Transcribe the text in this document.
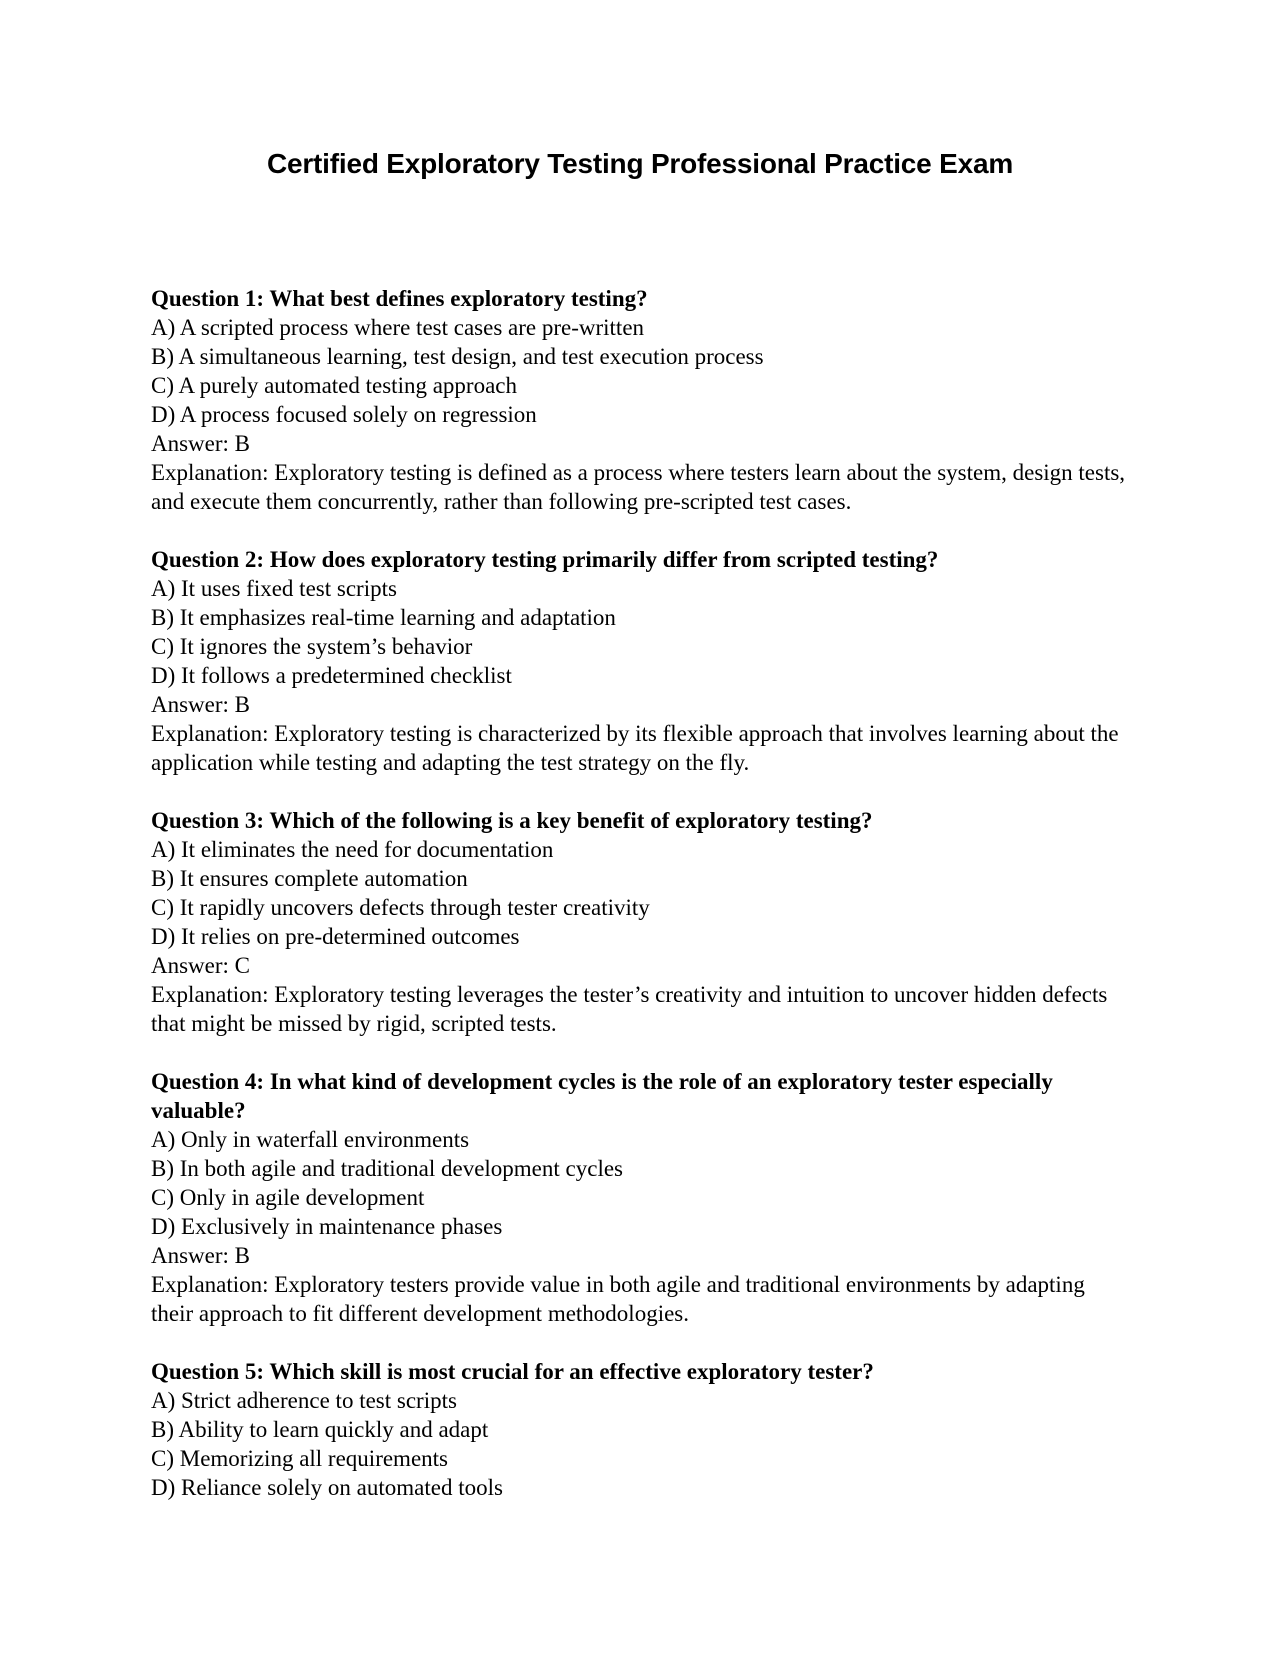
Certified Exploratory Testing Professional Practice Exam

Question 1: What best defines exploratory testing?

A) A scripted process where test cases are pre-written

B) A simultaneous learning, test design, and test execution process

C) A purely automated testing approach

D) A process focused solely on regression

Answer: B

Explanation: Exploratory testing is defined as a process where testers learn about the system, design tests, and execute them concurrently, rather than following pre-scripted test cases.

Question 2: How does exploratory testing primarily differ from scripted testing?

A) It uses fixed test scripts

B) It emphasizes real-time learning and adaptation

C) It ignores the system’s behavior

D) It follows a predetermined checklist

Answer: B

Explanation: Exploratory testing is characterized by its flexible approach that involves learning about the application while testing and adapting the test strategy on the fly.

Question 3: Which of the following is a key benefit of exploratory testing?

A) It eliminates the need for documentation

B) It ensures complete automation

C) It rapidly uncovers defects through tester creativity

D) It relies on pre-determined outcomes

Answer: C

Explanation: Exploratory testing leverages the tester’s creativity and intuition to uncover hidden defects that might be missed by rigid, scripted tests.

Question 4: In what kind of development cycles is the role of an exploratory tester especially valuable?

A) Only in waterfall environments

B) In both agile and traditional development cycles

C) Only in agile development

D) Exclusively in maintenance phases

Answer: B

Explanation: Exploratory testers provide value in both agile and traditional environments by adapting their approach to fit different development methodologies.

Question 5: Which skill is most crucial for an effective exploratory tester?

A) Strict adherence to test scripts

B) Ability to learn quickly and adapt

C) Memorizing all requirements

D) Reliance solely on automated tools
